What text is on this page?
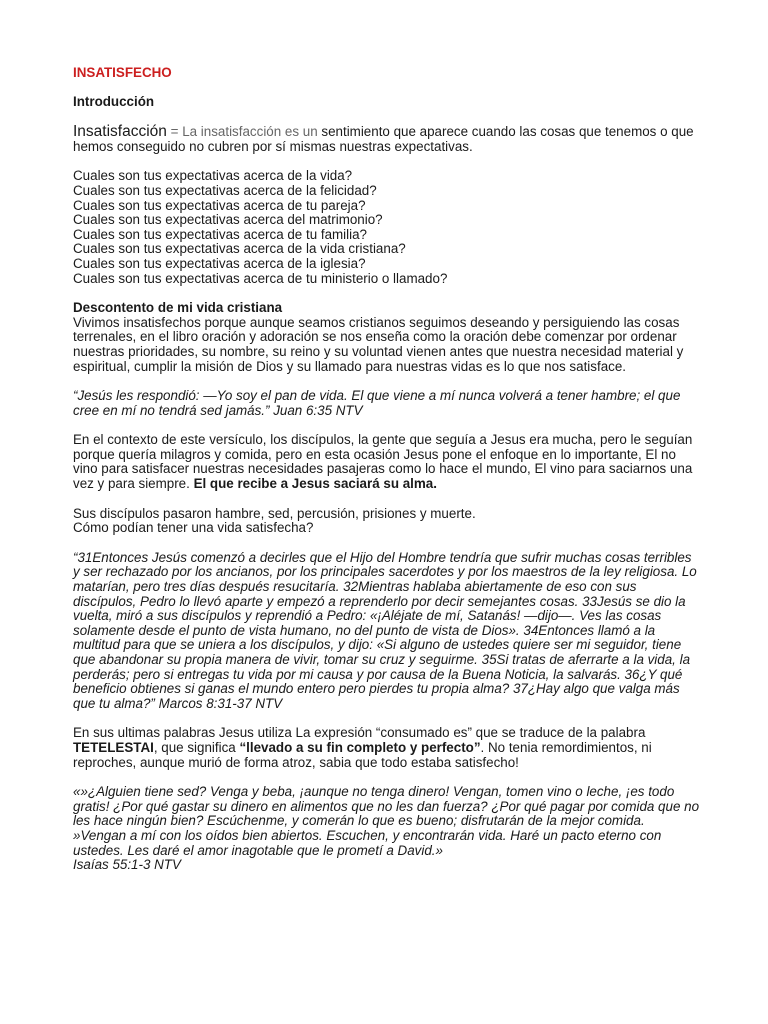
INSATISFECHO

Introducción

Insatisfacción = La insatisfacción es un sentimiento que aparece cuando las cosas que tenemos o que hemos conseguido no cubren por sí mismas nuestras expectativas.

Cuales son tus expectativas acerca de la vida?
Cuales son tus expectativas acerca de la felicidad?
Cuales son tus expectativas acerca de tu pareja?
Cuales son tus expectativas acerca del matrimonio?
Cuales son tus expectativas acerca de tu familia?
Cuales son tus expectativas acerca de la vida cristiana?
Cuales son tus expectativas acerca de la iglesia?
Cuales son tus expectativas acerca de tu ministerio o llamado?

Descontento de mi vida cristiana

Vivimos insatisfechos porque aunque seamos cristianos seguimos deseando y persiguiendo las cosas terrenales, en el libro oración y adoración se nos enseña como la oración debe comenzar por ordenar nuestras prioridades, su nombre, su reino y su voluntad vienen antes que nuestra necesidad material y espiritual, cumplir la misión de Dios y su llamado para nuestras vidas es lo que nos satisface.

“Jesús les respondió: —Yo soy el pan de vida. El que viene a mí nunca volverá a tener hambre; el que cree en mí no tendrá sed jamás.” Juan 6:35 NTV

En el contexto de este versículo, los discípulos, la gente que seguía a Jesus era mucha, pero le seguían porque quería milagros y comida, pero en esta ocasión Jesus pone el enfoque en lo importante, El no vino para satisfacer nuestras necesidades pasajeras como lo hace el mundo, El vino para saciarnos una vez y para siempre. El que recibe a Jesus saciará su alma.

Sus discípulos pasaron hambre, sed, percusión, prisiones y muerte.

Cómo podían tener una vida satisfecha?

“31Entonces Jesús comenzó a decirles que el Hijo del Hombre tendría que sufrir muchas cosas terribles y ser rechazado por los ancianos, por los principales sacerdotes y por los maestros de la ley religiosa. Lo matarían, pero tres días después resucitaría. 32Mientras hablaba abiertamente de eso con sus discípulos, Pedro lo llevó aparte y empezó a reprenderlo por decir semejantes cosas. 33Jesús se dio la vuelta, miró a sus discípulos y reprendió a Pedro: «¡Aléjate de mí, Satanás! —dijo—. Ves las cosas solamente desde el punto de vista humano, no del punto de vista de Dios». 34Entonces llamó a la multitud para que se uniera a los discípulos, y dijo: «Si alguno de ustedes quiere ser mi seguidor, tiene que abandonar su propia manera de vivir, tomar su cruz y seguirme. 35Si tratas de aferrarte a la vida, la perderás; pero si entregas tu vida por mi causa y por causa de la Buena Noticia, la salvarás. 36¿Y qué beneficio obtienes si ganas el mundo entero pero pierdes tu propia alma? 37¿Hay algo que valga más que tu alma?” Marcos 8:31-37 NTV

En sus ultimas palabras Jesus utiliza La expresión “consumado es” que se traduce de la palabra TETELESTAI, que significa “llevado a su fin completo y perfecto”. No tenia remordimientos, ni reproches, aunque murió de forma atroz, sabia que todo estaba satisfecho!

«»¿Alguien tiene sed? Venga y beba, ¡aunque no tenga dinero! Vengan, tomen vino o leche, ¡es todo gratis! ¿Por qué gastar su dinero en alimentos que no les dan fuerza? ¿Por qué pagar por comida que no les hace ningún bien? Escúchenme, y comerán lo que es bueno; disfrutarán de la mejor comida. »Vengan a mí con los oídos bien abiertos. Escuchen, y encontrarán vida. Haré un pacto eterno con ustedes. Les daré el amor inagotable que le prometí a David.»

Isaías 55:1-3 NTV
